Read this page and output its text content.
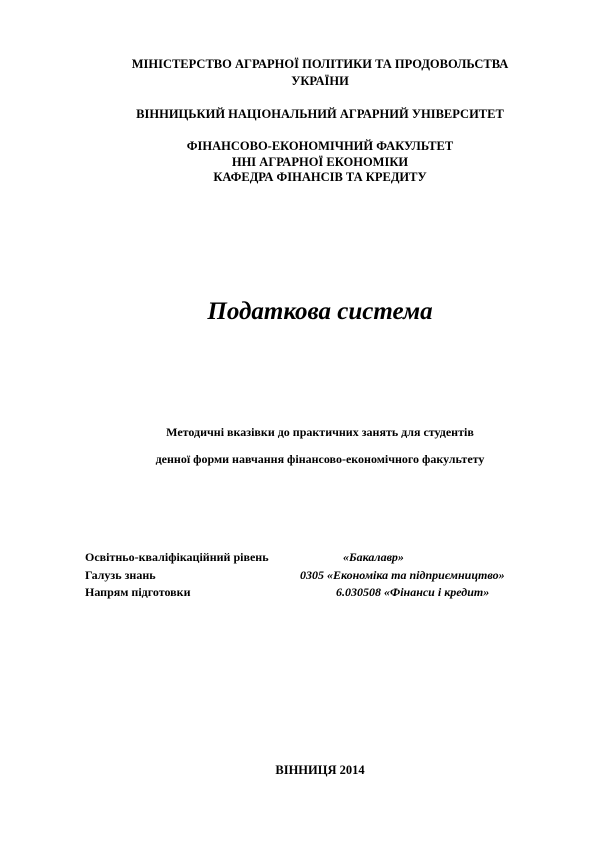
МІНІСТЕРСТВО АГРАРНОЇ ПОЛІТИКИ ТА ПРОДОВОЛЬСТВА
УКРАЇНИ
ВІННИЦЬКИЙ НАЦІОНАЛЬНИЙ АГРАРНИЙ УНІВЕРСИТЕТ
ФІНАНСОВО-ЕКОНОМІЧНИЙ ФАКУЛЬТЕТ
ННІ АГРАРНОЇ ЕКОНОМІКИ
КАФЕДРА ФІНАНСІВ ТА КРЕДИТУ
Податкова система
Методичні вказівки до практичних занять для студентів
денної форми навчання фінансово-економічного факультету
Освітньо-кваліфікаційний рівень	«Бакалавр»
Галузь знань	0305 «Економіка та підприємництво»
Напрям підготовки	6.030508 «Фінанси і кредит»
ВІННИЦЯ 2014
